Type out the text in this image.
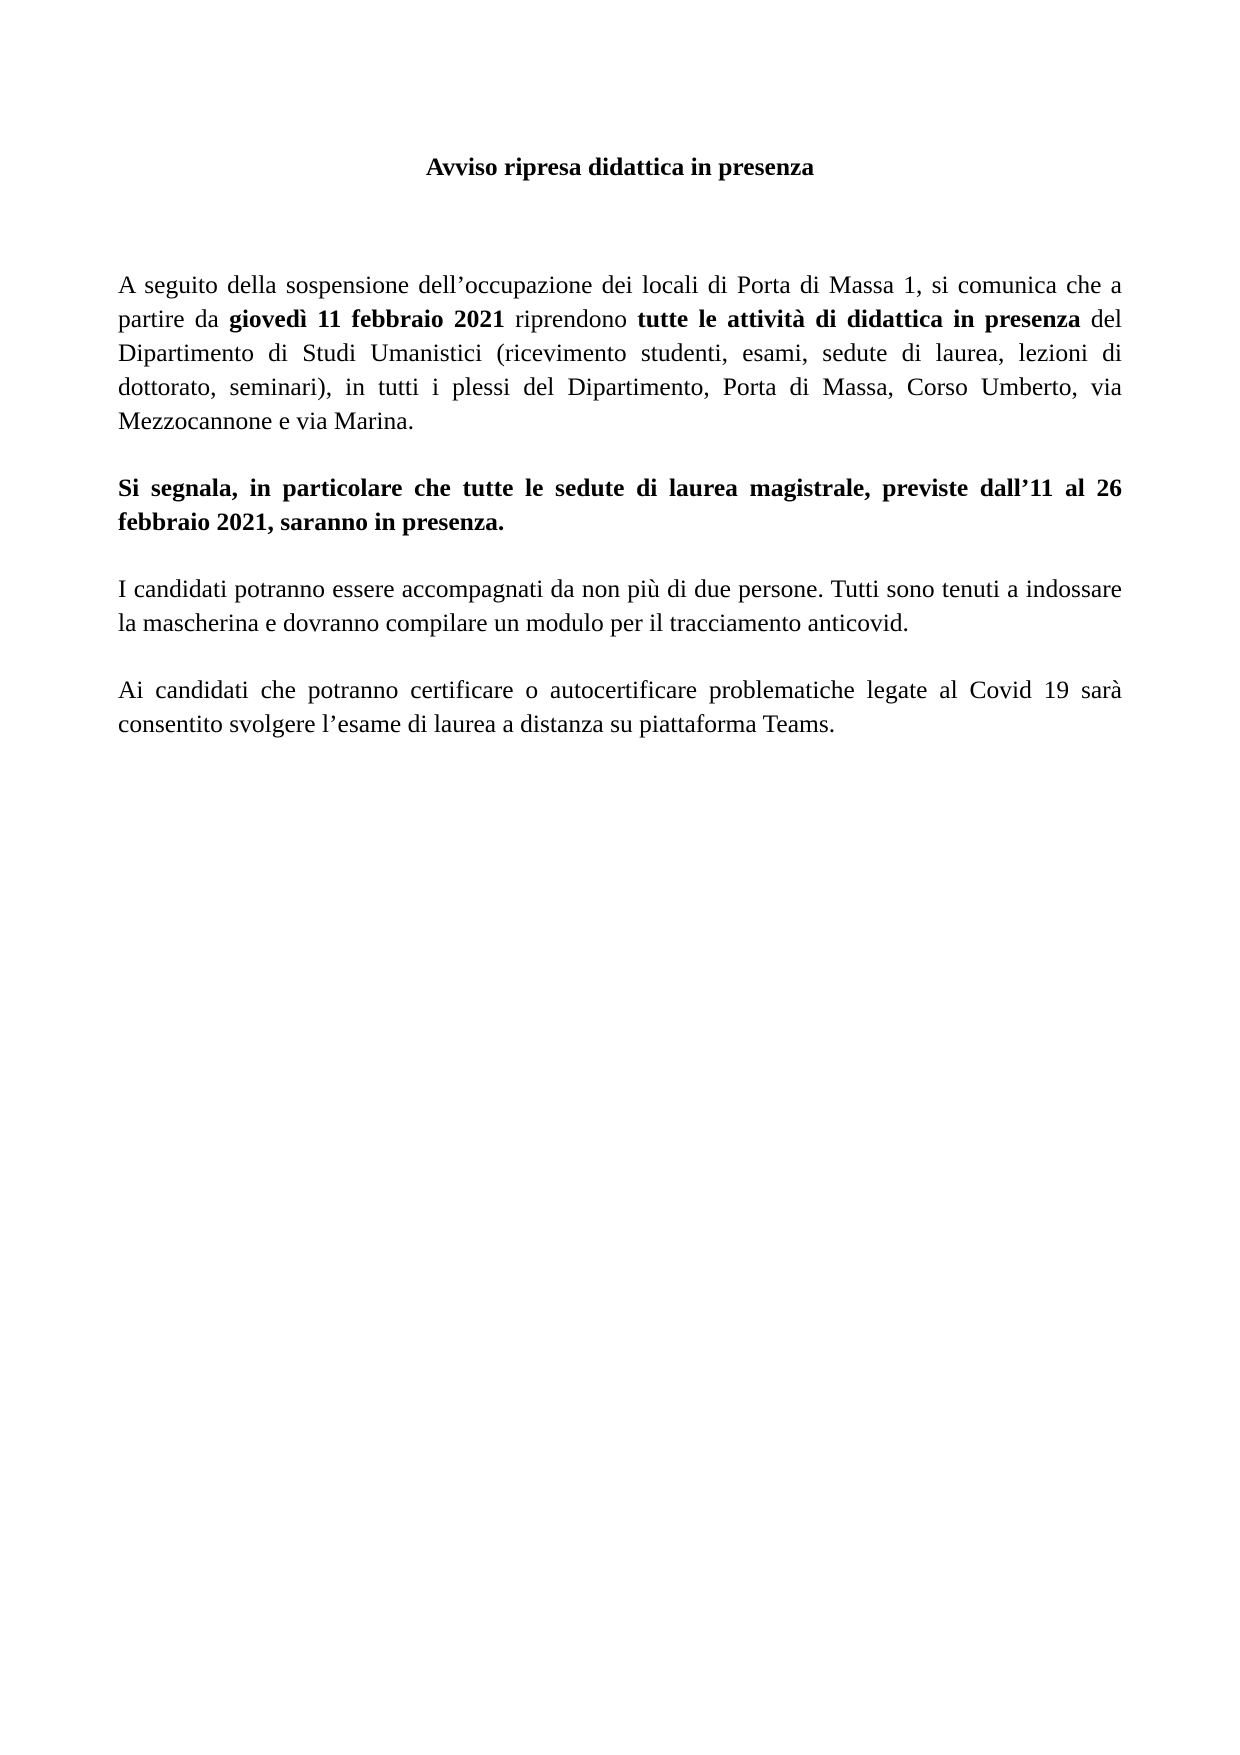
Avviso ripresa didattica in presenza

A seguito della sospensione dell’occupazione dei locali di Porta di Massa 1, si comunica che a partire da giovedì 11 febbraio 2021 riprendono tutte le attività di didattica in presenza del Dipartimento di Studi Umanistici (ricevimento studenti, esami, sedute di laurea, lezioni di dottorato, seminari), in tutti i plessi del Dipartimento, Porta di Massa, Corso Umberto, via Mezzocannone e via Marina.

Si segnala, in particolare che tutte le sedute di laurea magistrale, previste dall’11 al 26 febbraio 2021, saranno in presenza.

I candidati potranno essere accompagnati da non più di due persone. Tutti sono tenuti a indossare la mascherina e dovranno compilare un modulo per il tracciamento anticovid.

Ai candidati che potranno certificare o autocertificare problematiche legate al Covid 19 sarà consentito svolgere l’esame di laurea a distanza su piattaforma Teams.
